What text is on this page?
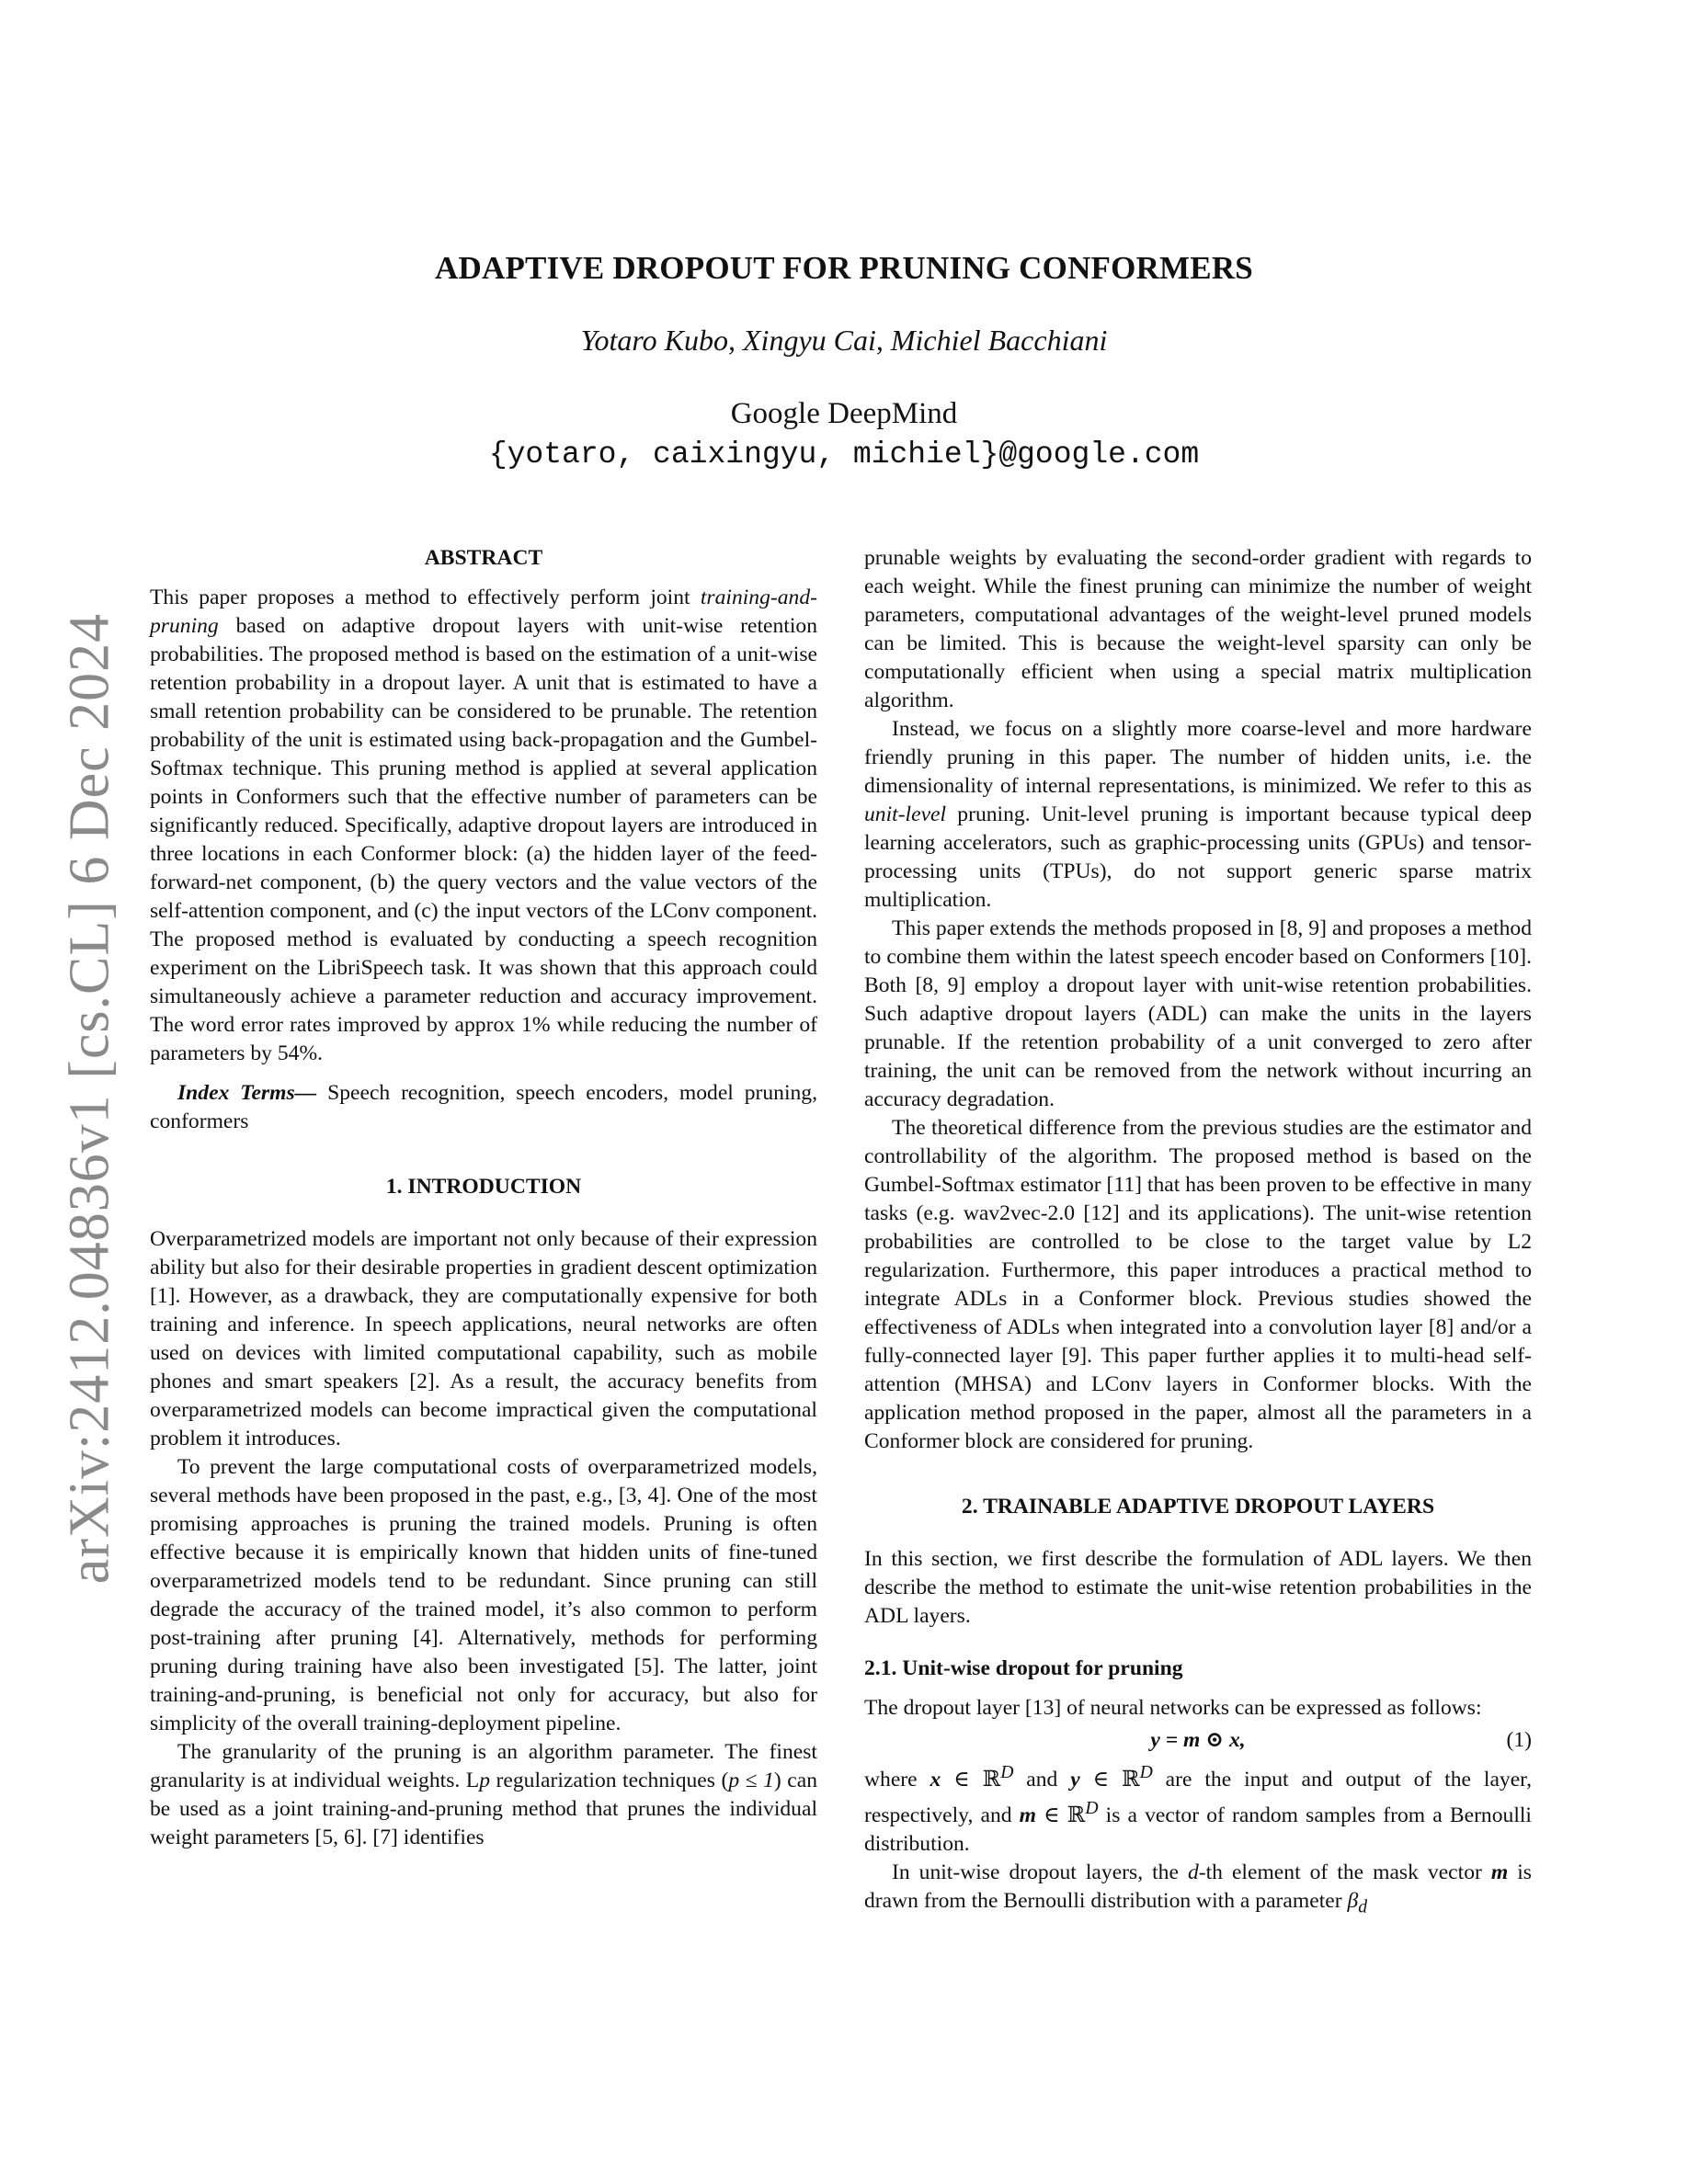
arXiv:2412.04836v1 [cs.CL] 6 Dec 2024
ADAPTIVE DROPOUT FOR PRUNING CONFORMERS
Yotaro Kubo, Xingyu Cai, Michiel Bacchiani
Google DeepMind
{yotaro, caixingyu, michiel}@google.com
ABSTRACT

This paper proposes a method to effectively perform joint training-and-pruning based on adaptive dropout layers with unit-wise retention probabilities. The proposed method is based on the estimation of a unit-wise retention probability in a dropout layer. A unit that is estimated to have a small retention probability can be considered to be prunable. The retention probability of the unit is estimated using back-propagation and the Gumbel-Softmax technique. This pruning method is applied at several application points in Conformers such that the effective number of parameters can be significantly reduced. Specifically, adaptive dropout layers are introduced in three locations in each Conformer block: (a) the hidden layer of the feed-forward-net component, (b) the query vectors and the value vectors of the self-attention component, and (c) the input vectors of the LConv component. The proposed method is evaluated by conducting a speech recognition experiment on the LibriSpeech task. It was shown that this approach could simultaneously achieve a parameter reduction and accuracy improvement. The word error rates improved by approx 1% while reducing the number of parameters by 54%.

Index Terms— Speech recognition, speech encoders, model pruning, conformers

1. INTRODUCTION

Overparametrized models are important not only because of their expression ability but also for their desirable properties in gradient descent optimization [1]. However, as a drawback, they are computationally expensive for both training and inference. In speech applications, neural networks are often used on devices with limited computational capability, such as mobile phones and smart speakers [2]. As a result, the accuracy benefits from overparametrized models can become impractical given the computational problem it introduces.

To prevent the large computational costs of overparametrized models, several methods have been proposed in the past, e.g., [3, 4]. One of the most promising approaches is pruning the trained models. Pruning is often effective because it is empirically known that hidden units of fine-tuned overparametrized models tend to be redundant. Since pruning can still degrade the accuracy of the trained model, it’s also common to perform post-training after pruning [4]. Alternatively, methods for performing pruning during training have also been investigated [5]. The latter, joint training-and-pruning, is beneficial not only for accuracy, but also for simplicity of the overall training-deployment pipeline.

The granularity of the pruning is an algorithm parameter. The finest granularity is at individual weights. Lp regularization techniques (p ≤ 1) can be used as a joint training-and-pruning method that prunes the individual weight parameters [5, 6]. [7] identifies

prunable weights by evaluating the second-order gradient with regards to each weight. While the finest pruning can minimize the number of weight parameters, computational advantages of the weight-level pruned models can be limited. This is because the weight-level sparsity can only be computationally efficient when using a special matrix multiplication algorithm.

Instead, we focus on a slightly more coarse-level and more hardware friendly pruning in this paper. The number of hidden units, i.e. the dimensionality of internal representations, is minimized. We refer to this as unit-level pruning. Unit-level pruning is important because typical deep learning accelerators, such as graphic-processing units (GPUs) and tensor-processing units (TPUs), do not support generic sparse matrix multiplication.

This paper extends the methods proposed in [8, 9] and proposes a method to combine them within the latest speech encoder based on Conformers [10]. Both [8, 9] employ a dropout layer with unit-wise retention probabilities. Such adaptive dropout layers (ADL) can make the units in the layers prunable. If the retention probability of a unit converged to zero after training, the unit can be removed from the network without incurring an accuracy degradation.

The theoretical difference from the previous studies are the estimator and controllability of the algorithm. The proposed method is based on the Gumbel-Softmax estimator [11] that has been proven to be effective in many tasks (e.g. wav2vec-2.0 [12] and its applications). The unit-wise retention probabilities are controlled to be close to the target value by L2 regularization. Furthermore, this paper introduces a practical method to integrate ADLs in a Conformer block. Previous studies showed the effectiveness of ADLs when integrated into a convolution layer [8] and/or a fully-connected layer [9]. This paper further applies it to multi-head self-attention (MHSA) and LConv layers in Conformer blocks. With the application method proposed in the paper, almost all the parameters in a Conformer block are considered for pruning.

2. TRAINABLE ADAPTIVE DROPOUT LAYERS

In this section, we first describe the formulation of ADL layers. We then describe the method to estimate the unit-wise retention probabilities in the ADL layers.

2.1. Unit-wise dropout for pruning

The dropout layer [13] of neural networks can be expressed as follows:

y = m ⊙ x,	(1)

where x ∈ ℝ$^D$ and y ∈ ℝ$^D$ are the input and output of the layer, respectively, and m ∈ ℝ$^D$ is a vector of random samples from a Bernoulli distribution.

In unit-wise dropout layers, the d-th element of the mask vector m is drawn from the Bernoulli distribution with a parameter $\beta_d$
